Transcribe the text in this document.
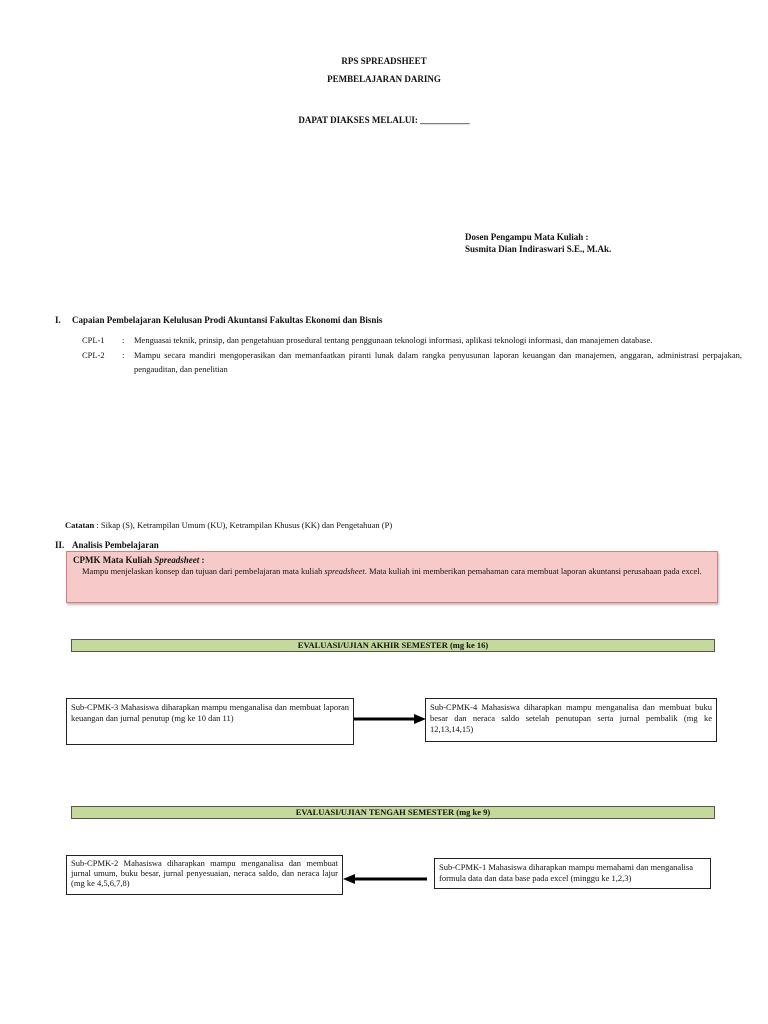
RPS SPREADSHEET
PEMBELAJARAN DARING
DAPAT DIAKSES MELALUI: ___________
Dosen Pengampu Mata Kuliah :
Susmita Dian Indiraswari S.E., M.Ak.
I. Capaian Pembelajaran Kelulusan Prodi Akuntansi Fakultas Ekonomi dan Bisnis
CPL-1 : Menguasai teknik, prinsip, dan pengetahuan prosedural tentang penggunaan teknologi informasi, aplikasi teknologi informasi, dan manajemen database.
CPL-2 : Mampu secara mandiri mengoperasikan dan memanfaatkan piranti lunak dalam rangka penyusunan laporan keuangan dan manajemen, anggaran, administrasi perpajakan, pengauditan, dan penelitian
Catatan : Sikap (S), Ketrampilan Umum (KU), Ketrampilan Khusus (KK) dan Pengetahuan (P)
II. Analisis Pembelajaran
CPMK Mata Kuliah Spreadsheet :
Mampu menjelaskan konsep dan tujuan dari pembelajaran mata kuliah spreadsheet. Mata kuliah ini memberikan pemahaman cara membuat laporan akuntansi perusahaan pada excel.
EVALUASI/UJIAN AKHIR SEMESTER (mg ke 16)
Sub-CPMK-3 Mahasiswa diharapkan mampu menganalisa dan membuat laporan keuangan dan jurnal penutup (mg ke 10 dan 11)
Sub-CPMK-4 Mahasiswa diharapkan mampu menganalisa dan membuat buku besar dan neraca saldo setelah penutupan serta jurnal pembalik (mg ke 12,13,14,15)
EVALUASI/UJIAN TENGAH SEMESTER (mg ke 9)
Sub-CPMK-2 Mahasiswa diharapkan mampu menganalisa dan membuat jurnal umum, buku besar, jurnal penyesuaian, neraca saldo, dan neraca lajur (mg ke 4,5,6,7,8)
Sub-CPMK-1 Mahasiswa diharapkan mampu memahami dan menganalisa formula data dan data base pada excel (minggu ke 1,2,3)
